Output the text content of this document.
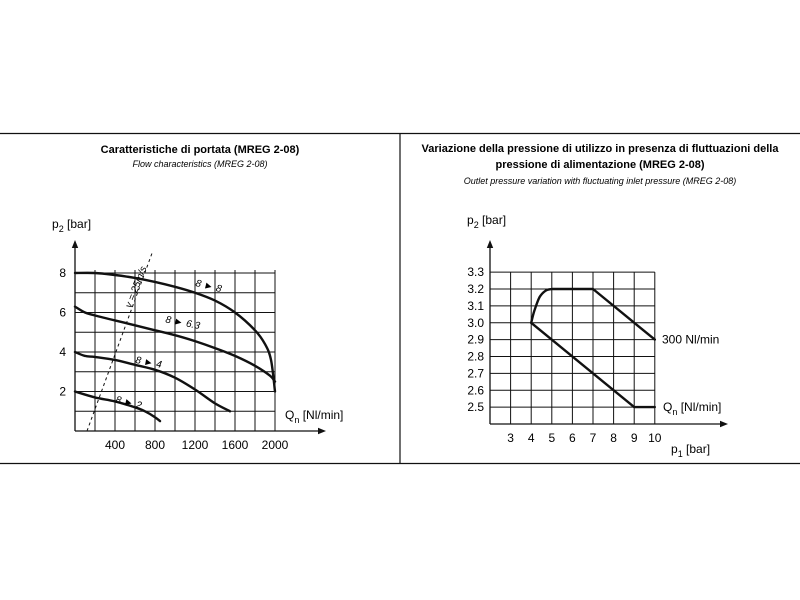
Caratteristiche di portata (MREG 2-08)
Flow characteristics (MREG 2-08)
Variazione della pressione di utilizzo in presenza di fluttuazioni della
pressione di alimentazione (MREG 2-08)
Outlet pressure variation with fluctuating inlet pressure (MREG 2-08)
400 800 1200 1600 2000
2
4
6
8
$p_2$ [bar]
$Q_n$ [Nl/min]
v = 25m/s	8 ► 8
8 ► 6.3
8 ► 4
8 ► 2
3 4 5 6 7 8 9 10
2.5
2.6
2.7
2.8
2.9
3.0
3.1
3.2
3.3
$p_2$ [bar]
$p_1$ [bar]
300 Nl/min
$Q_n$ [Nl/min]
